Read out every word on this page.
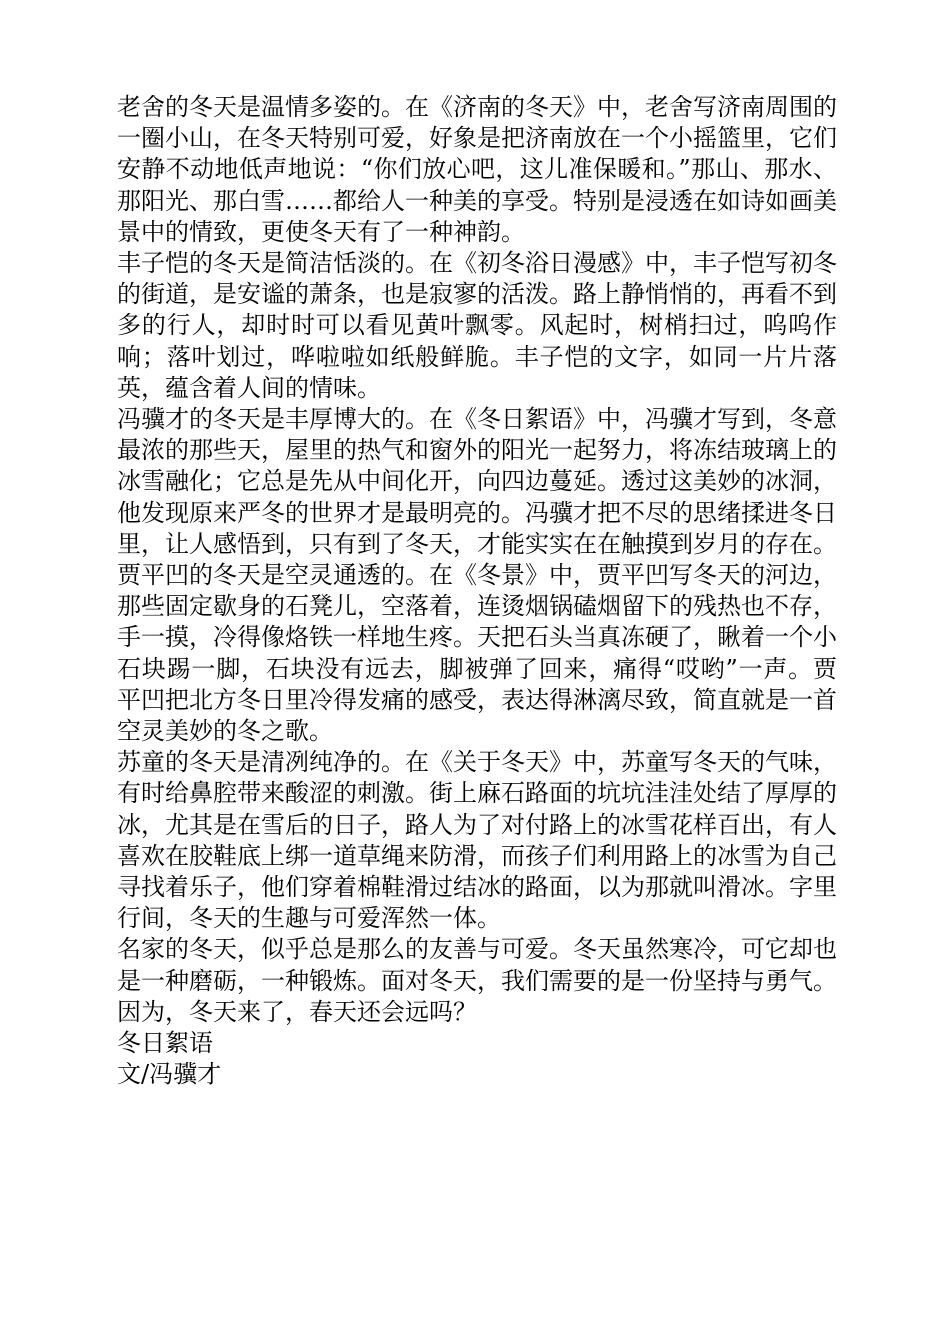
老舍的冬天是温情多姿的。在《济南的冬天》中，老舍写济南周围的一圈小山，在冬天特别可爱，好象是把济南放在一个小摇篮里，它们安静不动地低声地说：“你们放心吧，这儿准保暖和。”那山、那水、那阳光、那白雪……都给人一种美的享受。特别是浸透在如诗如画美景中的情致，更使冬天有了一种神韵。

丰子恺的冬天是简洁恬淡的。在《初冬浴日漫感》中，丰子恺写初冬的街道，是安谧的萧条，也是寂寥的活泼。路上静悄悄的，再看不到多的行人，却时时可以看见黄叶飘零。风起时，树梢扫过，呜呜作响；落叶划过，哗啦啦如纸般鲜脆。丰子恺的文字，如同一片片落英，蕴含着人间的情味。

冯骥才的冬天是丰厚博大的。在《冬日絮语》中，冯骥才写到，冬意最浓的那些天，屋里的热气和窗外的阳光一起努力，将冻结玻璃上的冰雪融化；它总是先从中间化开，向四边蔓延。透过这美妙的冰洞，他发现原来严冬的世界才是最明亮的。冯骥才把不尽的思绪揉进冬日里，让人感悟到，只有到了冬天，才能实实在在触摸到岁月的存在。

贾平凹的冬天是空灵通透的。在《冬景》中，贾平凹写冬天的河边，那些固定歇身的石凳儿，空落着，连烫烟锅磕烟留下的残热也不存，手一摸，冷得像烙铁一样地生疼。天把石头当真冻硬了，瞅着一个小石块踢一脚，石块没有远去，脚被弹了回来，痛得“哎哟”一声。贾平凹把北方冬日里冷得发痛的感受，表达得淋漓尽致，简直就是一首空灵美妙的冬之歌。

苏童的冬天是清冽纯净的。在《关于冬天》中，苏童写冬天的气味，有时给鼻腔带来酸涩的刺激。街上麻石路面的坑坑洼洼处结了厚厚的冰，尤其是在雪后的日子，路人为了对付路上的冰雪花样百出，有人喜欢在胶鞋底上绑一道草绳来防滑，而孩子们利用路上的冰雪为自己寻找着乐子，他们穿着棉鞋滑过结冰的路面，以为那就叫滑冰。字里行间，冬天的生趣与可爱浑然一体。

名家的冬天，似乎总是那么的友善与可爱。冬天虽然寒冷，可它却也是一种磨砺，一种锻炼。面对冬天，我们需要的是一份坚持与勇气。因为，冬天来了，春天还会远吗？

冬日絮语

文/冯骥才
